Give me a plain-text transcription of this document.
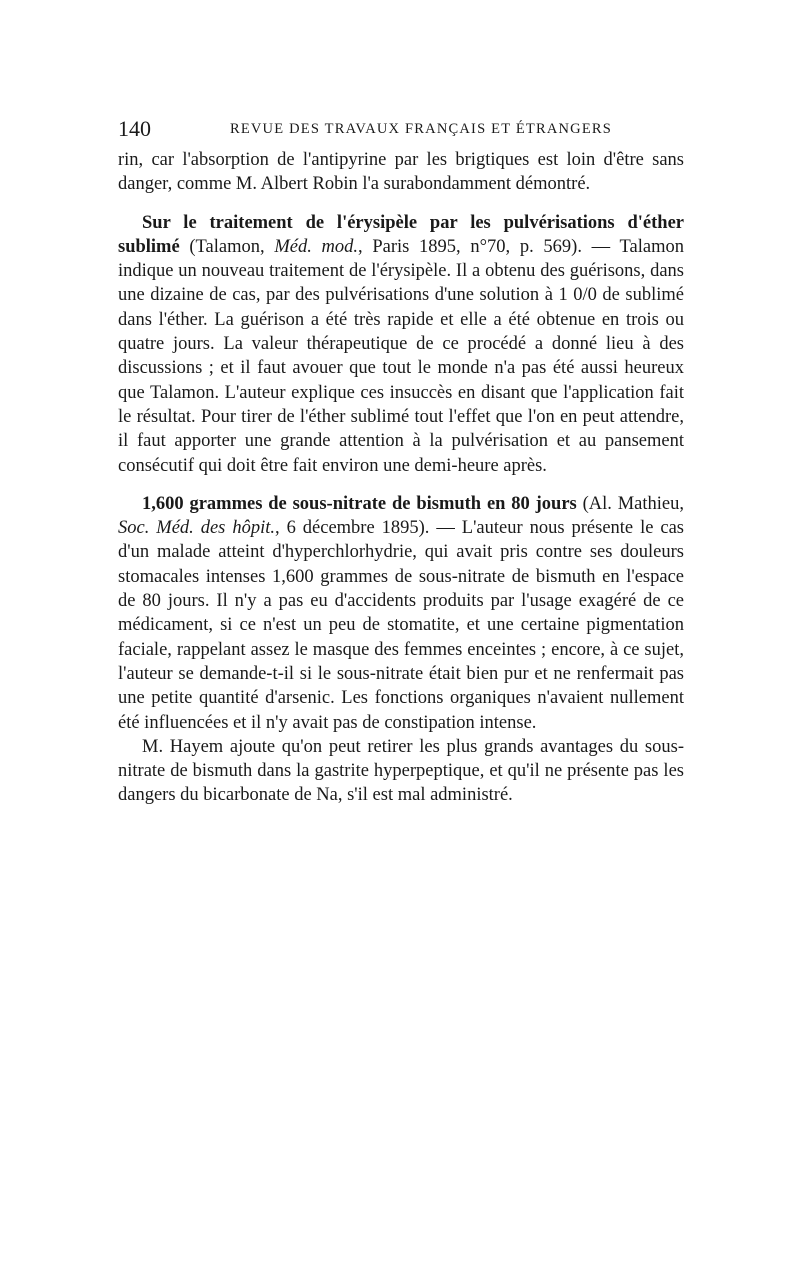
140	REVUE DES TRAVAUX FRANÇAIS ET ÉTRANGERS

rin, car l'absorption de l'antipyrine par les brigtiques est loin d'être sans danger, comme M. Albert Robin l'a surabondamment démontré.

Sur le traitement de l'érysipèle par les pulvérisations d'éther sublimé (Talamon, Méd. mod., Paris 1895, n°70, p. 569). — Talamon indique un nouveau traitement de l'érysipèle. Il a obtenu des guérisons, dans une dizaine de cas, par des pulvérisations d'une solution à 1 0/0 de sublimé dans l'éther. La guérison a été très rapide et elle a été obtenue en trois ou quatre jours. La valeur thérapeutique de ce procédé a donné lieu à des discussions ; et il faut avouer que tout le monde n'a pas été aussi heureux que Talamon. L'auteur explique ces insuccès en disant que l'application fait le résultat. Pour tirer de l'éther sublimé tout l'effet que l'on en peut attendre, il faut apporter une grande attention à la pulvérisation et au pansement consécutif qui doit être fait environ une demi-heure après.

1,600 grammes de sous-nitrate de bismuth en 80 jours (Al. Mathieu, Soc. Méd. des hôpit., 6 décembre 1895). — L'auteur nous présente le cas d'un malade atteint d'hyperchlorhydrie, qui avait pris contre ses douleurs stomacales intenses 1,600 grammes de sous-nitrate de bismuth en l'espace de 80 jours. Il n'y a pas eu d'accidents produits par l'usage exagéré de ce médicament, si ce n'est un peu de stomatite, et une certaine pigmentation faciale, rappelant assez le masque des femmes enceintes ; encore, à ce sujet, l'auteur se demande-t-il si le sous-nitrate était bien pur et ne renfermait pas une petite quantité d'arsenic. Les fonctions organiques n'avaient nullement été influencées et il n'y avait pas de constipation intense.

M. Hayem ajoute qu'on peut retirer les plus grands avantages du sous-nitrate de bismuth dans la gastrite hyperpeptique, et qu'il ne présente pas les dangers du bicarbonate de Na, s'il est mal administré.
